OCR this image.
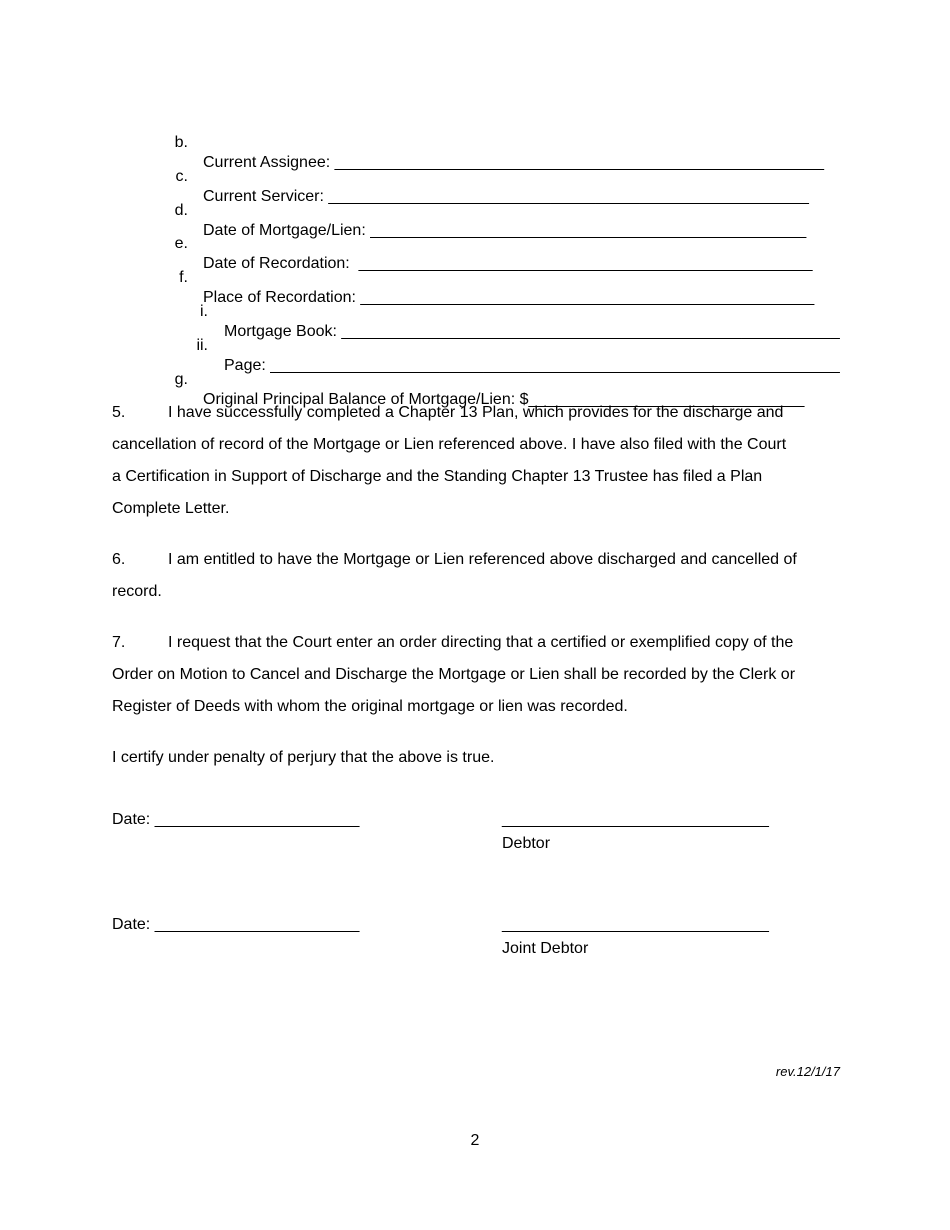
b.

Current Assignee: _______________________________________________________

c.

Current Servicer: ______________________________________________________

d.

Date of Mortgage/Lien: _________________________________________________

e.

Date of Recordation:  ___________________________________________________

f.

Place of Recordation: ___________________________________________________

i.

Mortgage Book: ________________________________________________________

ii.

Page: ________________________________________________________________

g.

Original Principal Balance of Mortgage/Lien: $_______________________________

5.	I have successfully completed a Chapter 13 Plan, which provides for the discharge and
cancellation of record of the Mortgage or Lien referenced above. I have also filed with the Court
a Certification in Support of Discharge and the Standing Chapter 13 Trustee has filed a Plan
Complete Letter.
6.	I am entitled to have the Mortgage or Lien referenced above discharged and cancelled of
record.
7.	I request that the Court enter an order directing that a certified or exemplified copy of the
Order on Motion to Cancel and Discharge the Mortgage or Lien shall be recorded by the Clerk or
Register of Deeds with whom the original mortgage or lien was recorded.
I certify under penalty of perjury that the above is true.
Date: _______________________	______________________________
Debtor
Date: _______________________	______________________________
Joint Debtor
rev.12/1/17
2
